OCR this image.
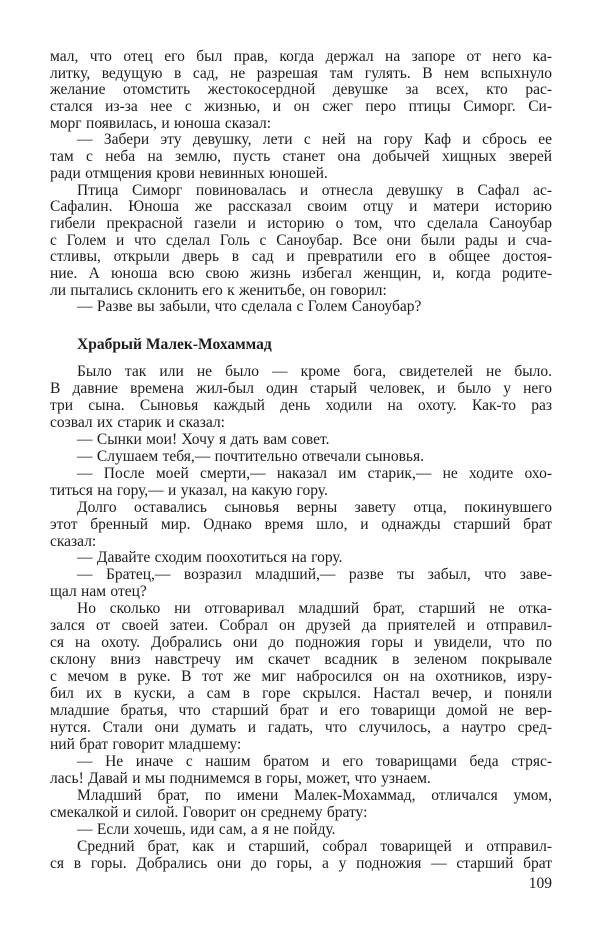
мал, что отец его был прав, когда держал на запоре от него ка-
литку, ведущую в сад, не разрешая там гулять. В нем вспыхнуло
желание отомстить жестокосердной девушке за всех, кто рас-
стался из-за нее с жизнью, и он сжег перо птицы Симорг. Си-
морг появилась, и юноша сказал:
— Забери эту девушку, лети с ней на гору Каф и сбрось ее
там с неба на землю, пусть станет она добычей хищных зверей
ради отмщения крови невинных юношей.
Птица Симорг повиновалась и отнесла девушку в Сафал ас-
Сафалин. Юноша же рассказал своим отцу и матери историю
гибели прекрасной газели и историю о том, что сделала Саноубар
с Голем и что сделал Голь с Саноубар. Все они были рады и сча-
стливы, открыли дверь в сад и превратили его в общее достоя-
ние. А юноша всю свою жизнь избегал женщин, и, когда родите-
ли пытались склонить его к женитьбе, он говорил:
— Разве вы забыли, что сделала с Голем Саноубар?
Храбрый Малек-Мохаммад
Было так или не было — кроме бога, свидетелей не было.
В давние времена жил-был один старый человек, и было у него
три сына. Сыновья каждый день ходили на охоту. Как-то раз
созвал их старик и сказал:
— Сынки мои! Хочу я дать вам совет.
— Слушаем тебя,— почтительно отвечали сыновья.
— После моей смерти,— наказал им старик,— не ходите охо-
титься на гору,— и указал, на какую гору.
Долго оставались сыновья верны завету отца, покинувшего
этот бренный мир. Однако время шло, и однажды старший брат
сказал:
— Давайте сходим поохотиться на гору.
— Братец,— возразил младший,— разве ты забыл, что заве-
щал нам отец?
Но сколько ни отговаривал младший брат, старший не отка-
зался от своей затеи. Собрал он друзей да приятелей и отправил-
ся на охоту. Добрались они до подножия горы и увидели, что по
склону вниз навстречу им скачет всадник в зеленом покрывале
с мечом в руке. В тот же миг набросился он на охотников, изру-
бил их в куски, а сам в горе скрылся. Настал вечер, и поняли
младшие братья, что старший брат и его товарищи домой не вер-
нутся. Стали они думать и гадать, что случилось, а наутро сред-
ний брат говорит младшему:
— Не иначе с нашим братом и его товарищами беда стряс-
лась! Давай и мы поднимемся в горы, может, что узнаем.
Младший брат, по имени Малек-Мохаммад, отличался умом,
смекалкой и силой. Говорит он среднему брату:
— Если хочешь, иди сам, а я не пойду.
Средний брат, как и старший, собрал товарищей и отправил-
ся в горы. Добрались они до горы, а у подножия — старший брат
109
